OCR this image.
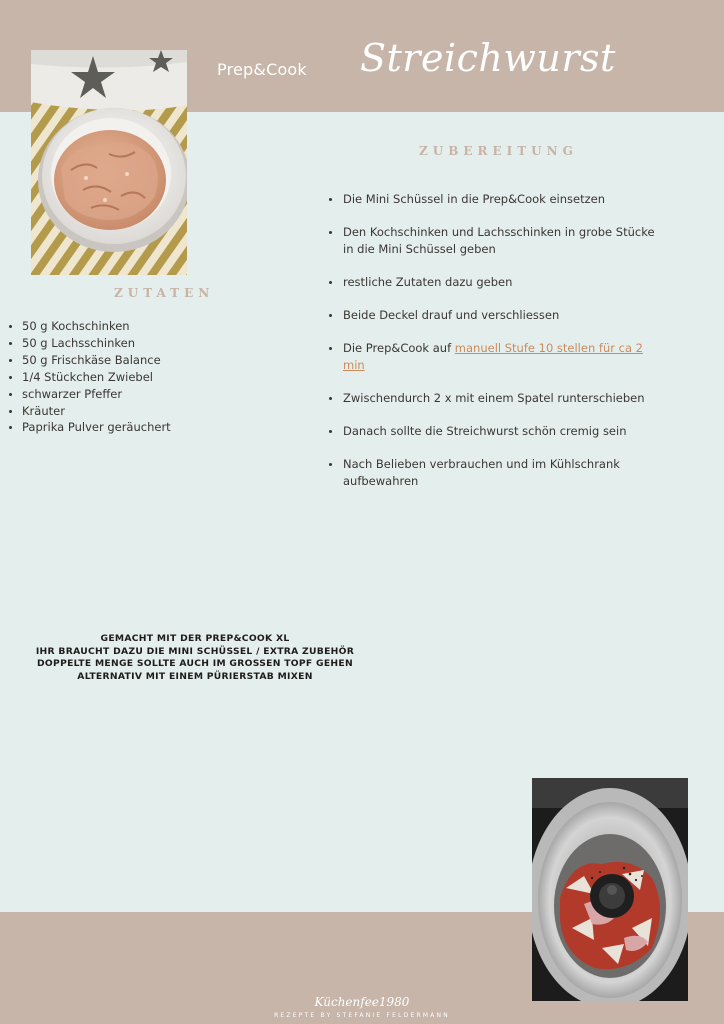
Prep&Cook Streichwurst
ZUBEREITUNG
Die Mini Schüssel in die Prep&Cook einsetzen
Den Kochschinken und Lachsschinken in grobe Stücke in die Mini Schüssel geben
restliche Zutaten dazu geben
Beide Deckel drauf und verschliessen
Die Prep&Cook auf manuell Stufe 10 stellen für ca 2 min
Zwischendurch 2 x mit einem Spatel runterschieben
Danach sollte die Streichwurst schön cremig sein
Nach Belieben verbrauchen und im Kühlschrank aufbewahren
ZUTATEN
50 g Kochschinken
50 g Lachsschinken
50 g Frischkäse Balance
1/4 Stückchen Zwiebel
schwarzer Pfeffer
Kräuter
Paprika Pulver geräuchert
GEMACHT MIT DER PREP&COOK XL
IHR BRAUCHT DAZU DIE MINI SCHÜSSEL / EXTRA ZUBEHÖR
DOPPELTE MENGE SOLLTE AUCH IM GROSSEN TOPF GEHEN
ALTERNATIV MIT EINEM PÜRIERSTAB MIXEN
Küchenfee1980
REZEPTE BY STEFANIE FELDERMANN
